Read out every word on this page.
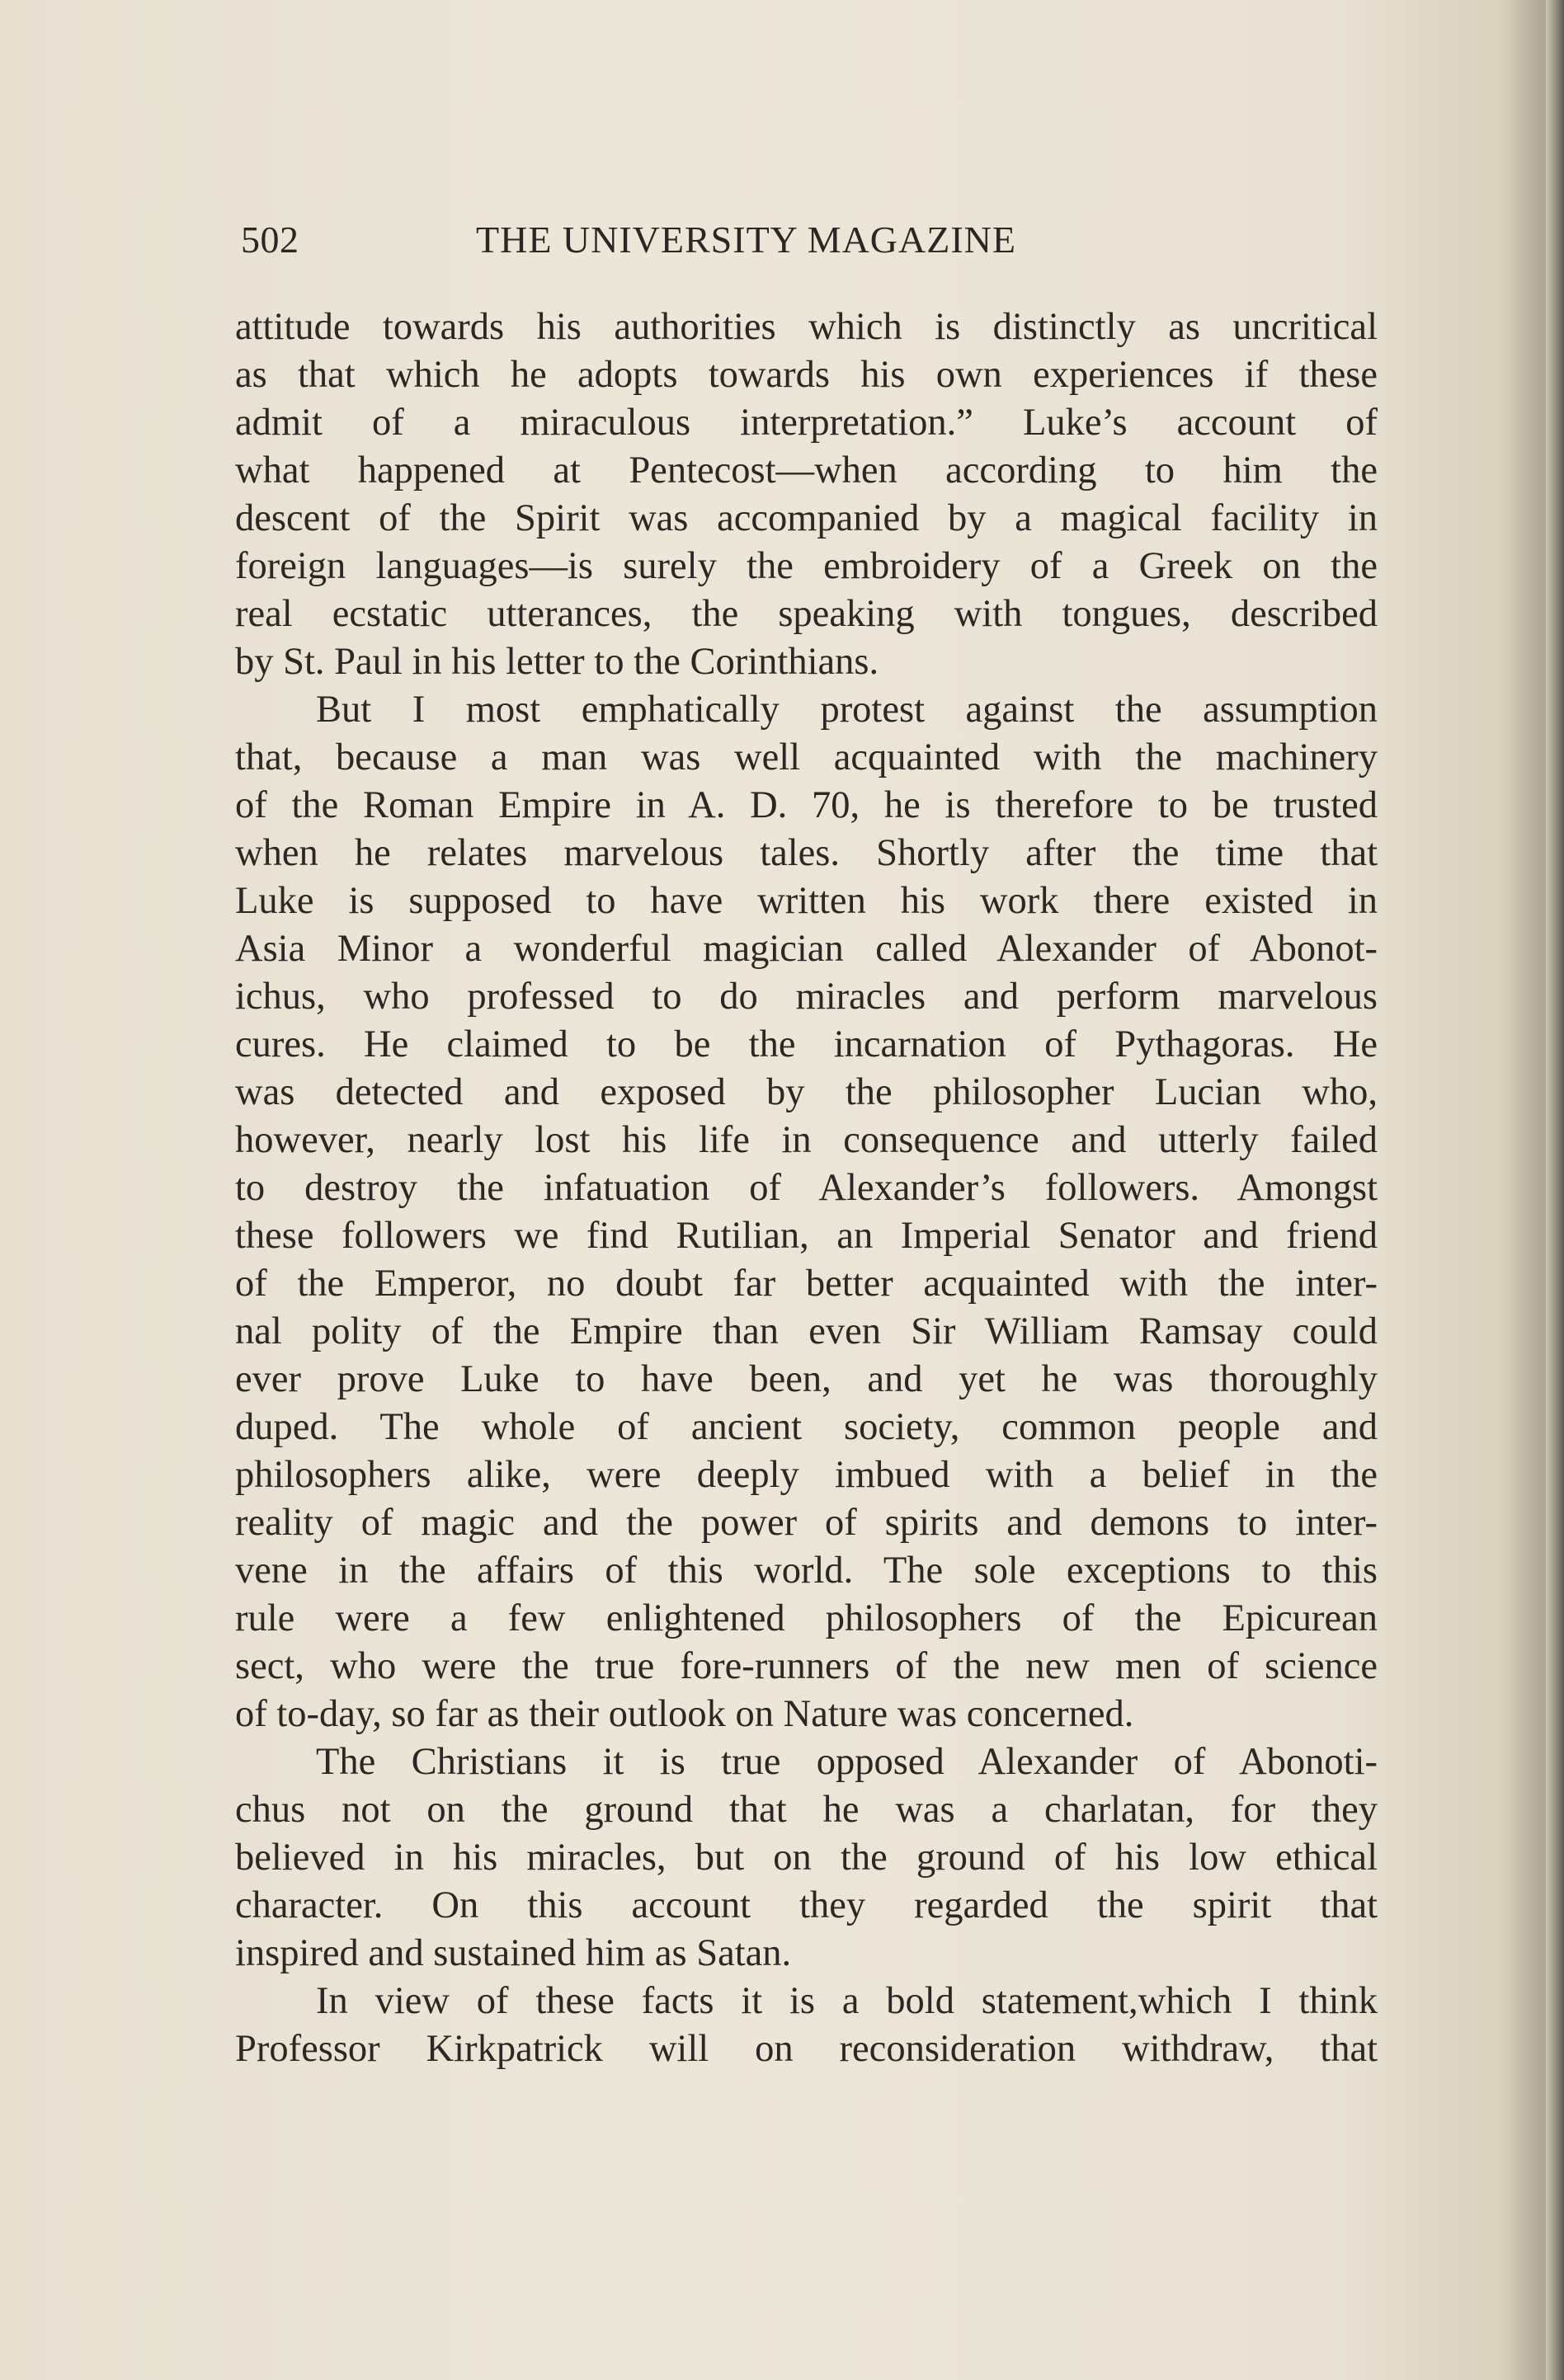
502	THE UNIVERSITY MAGAZINE
attitude towards his authorities which is distinctly as uncritical
as that which he adopts towards his own experiences if these
admit of a miraculous interpretation.” Luke’s account of
what happened at Pentecost—when according to him the
descent of the Spirit was accompanied by a magical facility in
foreign languages—is surely the embroidery of a Greek on the
real ecstatic utterances, the speaking with tongues, described
by St. Paul in his letter to the Corinthians.
But I most emphatically protest against the assumption
that, because a man was well acquainted with the machinery
of the Roman Empire in A. D. 70, he is therefore to be trusted
when he relates marvelous tales. Shortly after the time that
Luke is supposed to have written his work there existed in
Asia Minor a wonderful magician called Alexander of Abonot-
ichus, who professed to do miracles and perform marvelous
cures. He claimed to be the incarnation of Pythagoras. He
was detected and exposed by the philosopher Lucian who,
however, nearly lost his life in consequence and utterly failed
to destroy the infatuation of Alexander’s followers. Amongst
these followers we find Rutilian, an Imperial Senator and friend
of the Emperor, no doubt far better acquainted with the inter-
nal polity of the Empire than even Sir William Ramsay could
ever prove Luke to have been, and yet he was thoroughly
duped. The whole of ancient society, common people and
philosophers alike, were deeply imbued with a belief in the
reality of magic and the power of spirits and demons to inter-
vene in the affairs of this world. The sole exceptions to this
rule were a few enlightened philosophers of the Epicurean
sect, who were the true fore-runners of the new men of science
of to-day, so far as their outlook on Nature was concerned.
The Christians it is true opposed Alexander of Abonoti-
chus not on the ground that he was a charlatan, for they
believed in his miracles, but on the ground of his low ethical
character. On this account they regarded the spirit that
inspired and sustained him as Satan.
In view of these facts it is a bold statement,which I think
Professor Kirkpatrick will on reconsideration withdraw, that
